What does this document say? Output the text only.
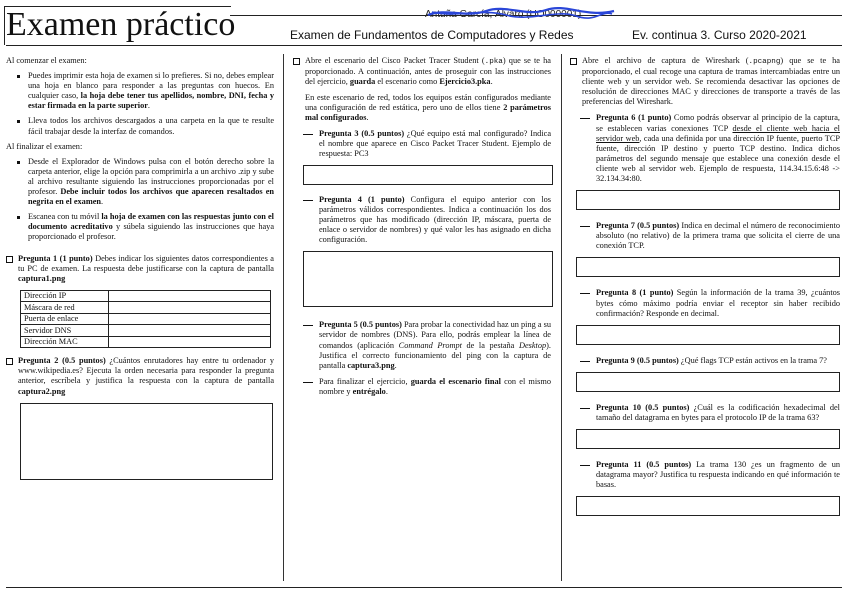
Examen práctico	Antuña García, Álvaro (UO000001)
Examen de Fundamentos de Computadores y Redes	Ev. continua 3. Curso 2020-2021

Al comenzar el examen:

Puedes imprimir esta hoja de examen si lo prefieres. Si no, debes emplear una hoja en blanco para responder a las preguntas con huecos. En cualquier caso, la hoja debe tener tus apellidos, nombre, DNI, fecha y estar firmada en la parte superior.
Lleva todos los archivos descargados a una carpeta en la que te resulte fácil trabajar desde la interfaz de comandos.

Al finalizar el examen:

Desde el Explorador de Windows pulsa con el botón derecho sobre la carpeta anterior, elige la opción para comprimirla a un archivo .zip y sube al archivo resultante siguiendo las instrucciones proporcionadas por el profesor. Debe incluir todos los archivos que aparecen resaltados en negrita en el examen.
Escanea con tu móvil la hoja de examen con las respuestas junto con el documento acreditativo y súbela siguiendo las instrucciones que haya proporcionado el profesor.
Pregunta 1 (1 punto) Debes indicar los siguientes datos correspondientes a tu PC de examen. La respuesta debe justificarse con la captura de pantalla captura1.png
Dirección IP	
Máscara de red	
Puerta de enlace	
Servidor DNS	
Dirección MAC	
Pregunta 2 (0.5 puntos) ¿Cuántos enrutadores hay entre tu ordenador y www.wikipedia.es? Ejecuta la orden necesaria para responder la pregunta anterior, escríbela y justifica la respuesta con la captura de pantalla captura2.png
Abre el escenario del Cisco Packet Tracer Student (.pka) que se te ha proporcionado. A continuación, antes de proseguir con las instrucciones del ejercicio, guarda el escenario como Ejercicio3.pka.

En este escenario de red, todos los equipos están configurados mediante una configuración de red estática, pero uno de ellos tiene 2 parámetros mal configurados.

Pregunta 3 (0.5 puntos) ¿Qué equipo está mal configurado? Indica el nombre que aparece en Cisco Packet Tracer Student. Ejemplo de respuesta: PC3
Pregunta 4 (1 punto) Configura el equipo anterior con los parámetros válidos correspondientes. Indica a continuación los dos parámetros que has modificado (dirección IP, máscara, puerta de enlace o servidor de nombres) y qué valor les has asignado en dicha configuración.
Pregunta 5 (0.5 puntos) Para probar la conectividad haz un ping a su servidor de nombres (DNS). Para ello, podrás emplear la línea de comandos (aplicación Command Prompt de la pestaña Desktop). Justifica el correcto funcionamiento del ping con la captura de pantalla captura3.png.
Para finalizar el ejercicio, guarda el escenario final con el mismo nombre y entrégalo.
Abre el archivo de captura de Wireshark (.pcapng) que se te ha proporcionado, el cual recoge una captura de tramas intercambiadas entre un cliente web y un servidor web. Se recomienda desactivar las opciones de resolución de direcciones MAC y direcciones de transporte a través de las preferencias del Wireshark.
Pregunta 6 (1 punto) Como podrás observar al principio de la captura, se establecen varias conexiones TCP desde el cliente web hacia el servidor web, cada una definida por una dirección IP fuente, puerto TCP fuente, dirección IP destino y puerto TCP destino. Indica dichos parámetros del segundo mensaje que establece una conexión desde el cliente web al servidor web. Ejemplo de respuesta, 114.34.15.6:48 -> 32.134.34:80.
Pregunta 7 (0.5 puntos) Indica en decimal el número de reconocimiento absoluto (no relativo) de la primera trama que solicita el cierre de una conexión TCP.
Pregunta 8 (1 punto) Según la información de la trama 39, ¿cuántos bytes cómo máximo podría enviar el receptor sin haber recibido confirmación? Responde en decimal.
Pregunta 9 (0.5 puntos) ¿Qué flags TCP están activos en la trama 7?
Pregunta 10 (0.5 puntos) ¿Cuál es la codificación hexadecimal del tamaño del datagrama en bytes para el protocolo IP de la trama 63?
Pregunta 11 (0.5 puntos) La trama 130 ¿es un fragmento de un datagrama mayor? Justifica tu respuesta indicando en qué información te basas.
